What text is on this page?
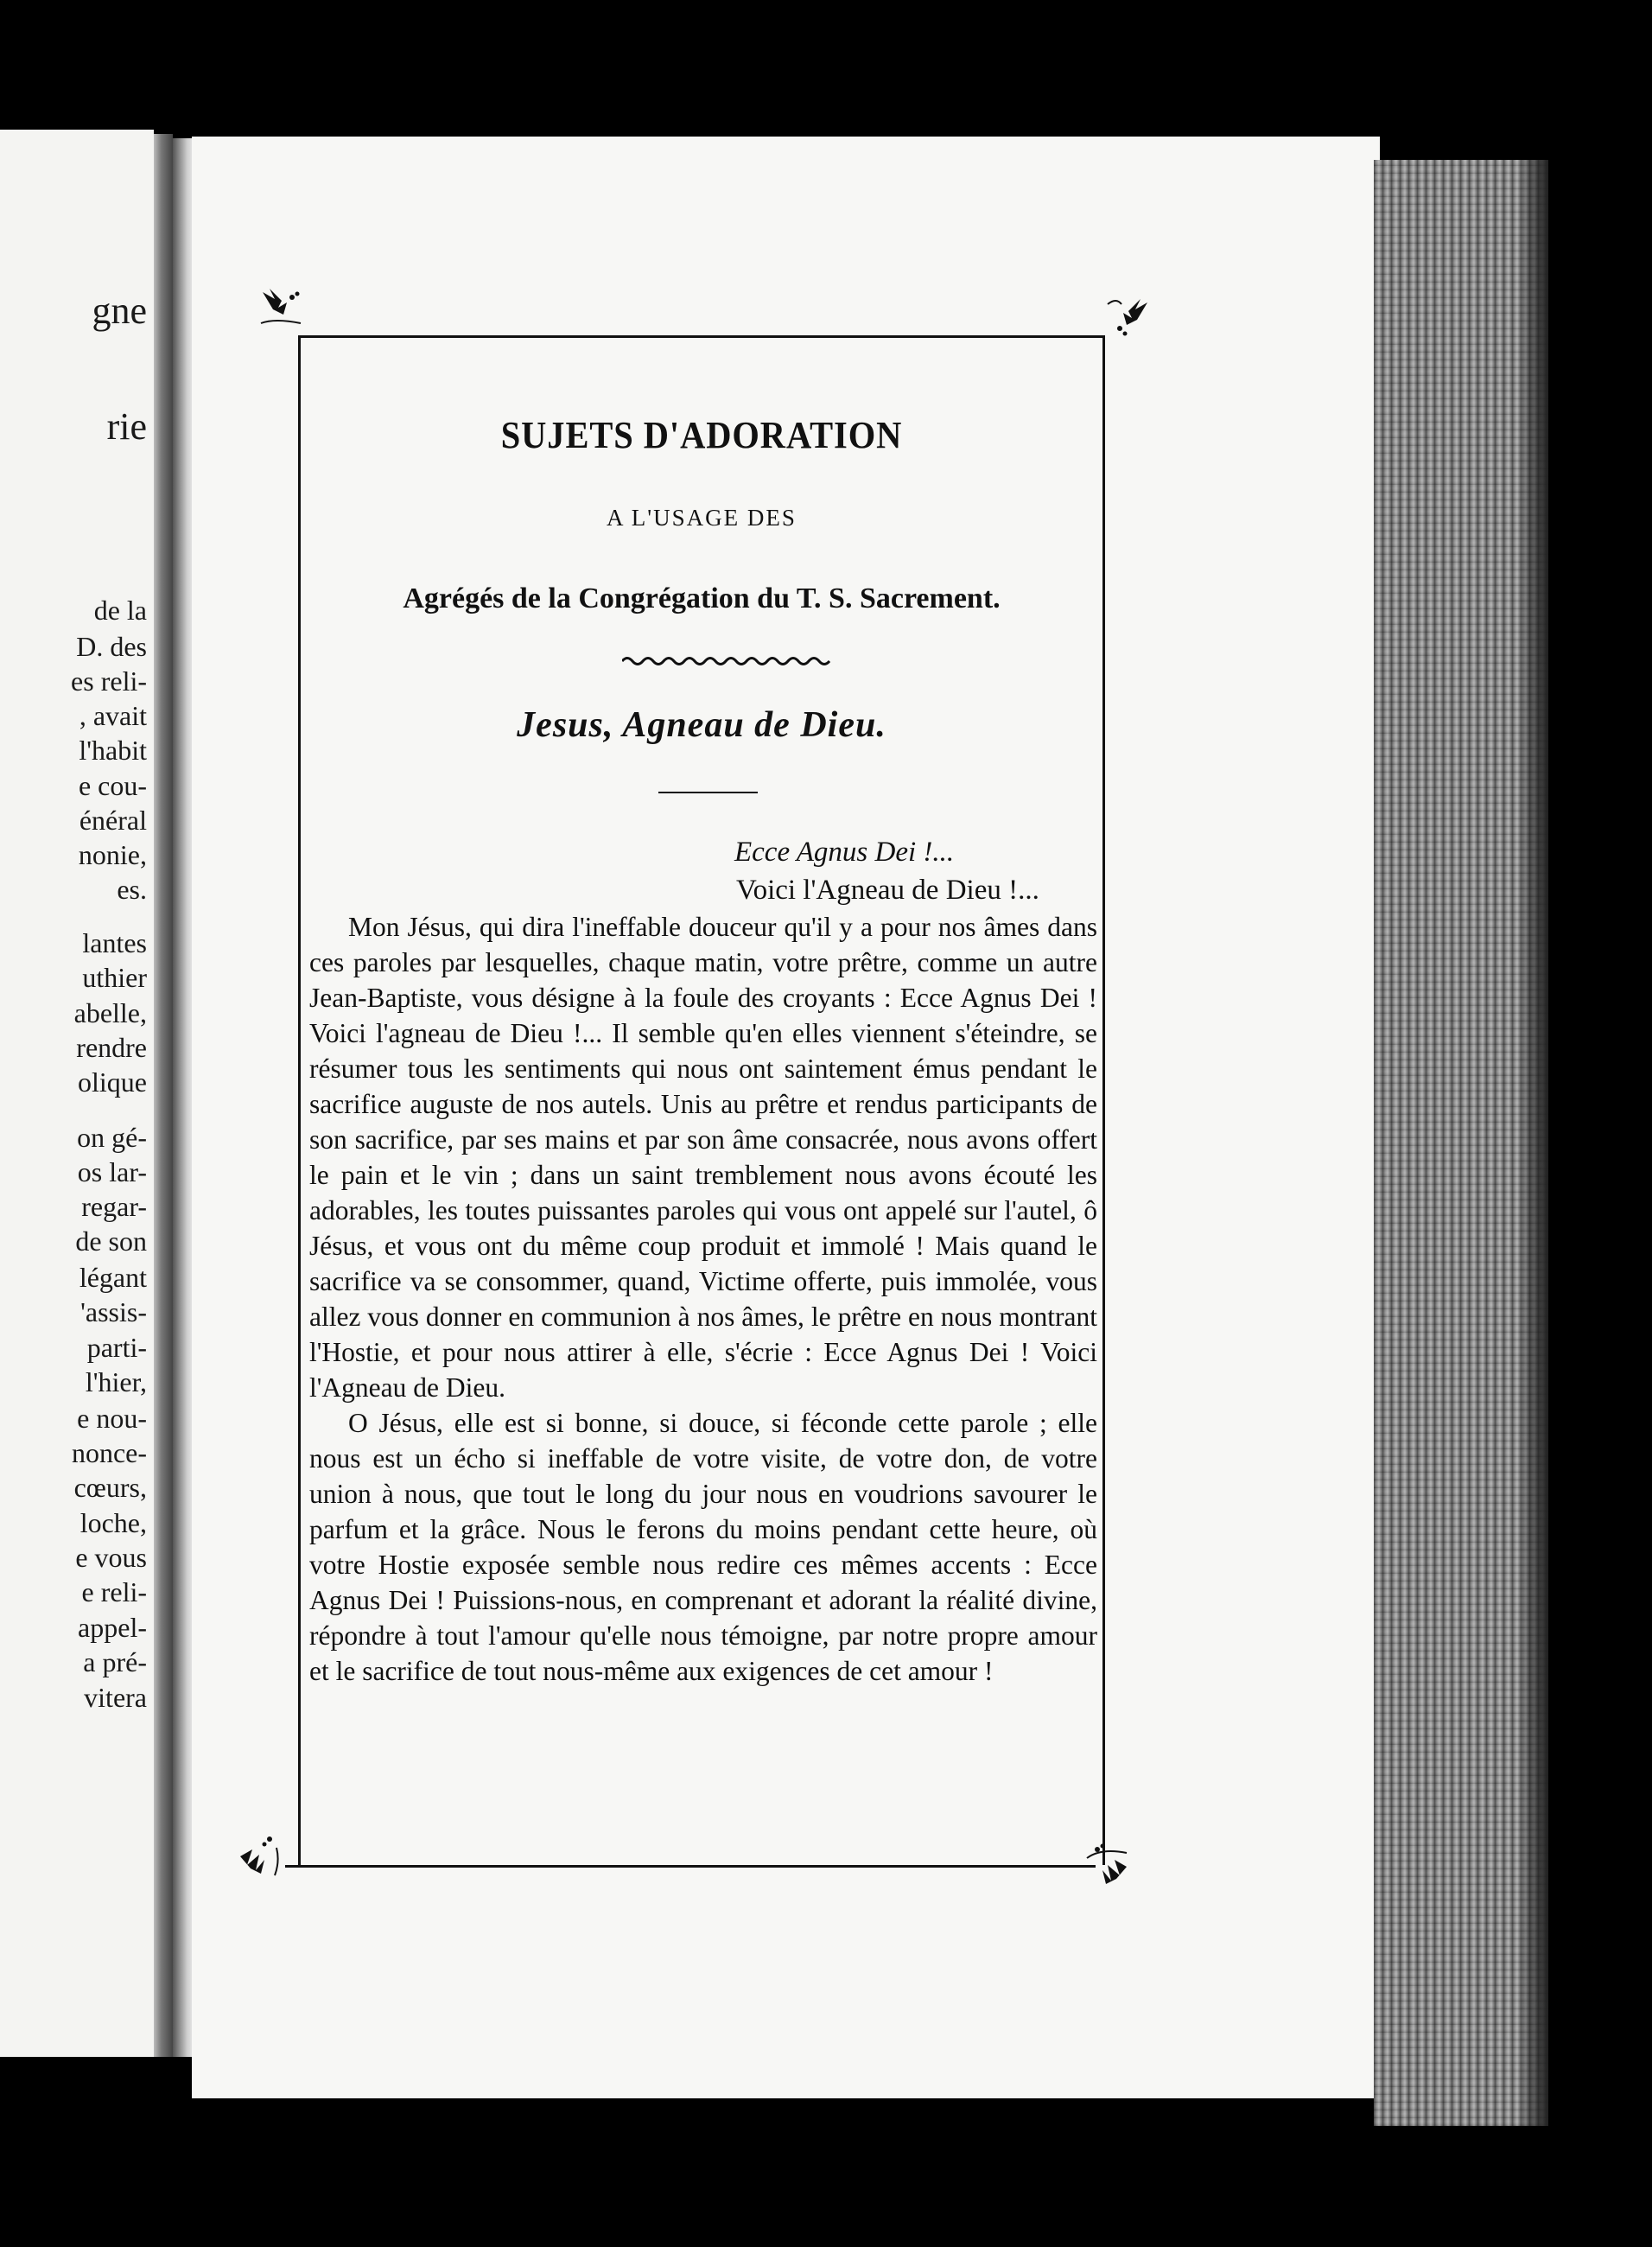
gne
rie
de la
D. des
es reli-
, avait
l'habit
e cou-
énéral
nonie,
es.
lantes
uthier
abelle,
rendre
olique
on gé-
os lar-
regar-
de son
légant
'assis-
parti-
l'hier,
e nou-
nonce-
cœurs,
loche,
e vous
e reli-
appel-
a pré-
vitera
SUJETS D'ADORATION
A L'USAGE DES
Agrégés de la Congrégation du T. S. Sacrement.
Jesus, Agneau de Dieu.
Ecce Agnus Dei !...
Voici l'Agneau de Dieu !...

Mon Jésus, qui dira l'ineffable douceur qu'il y a pour nos âmes dans ces paroles par lesquelles, chaque matin, votre prêtre, comme un autre Jean-Baptiste, vous désigne à la foule des croyants : Ecce Agnus Dei ! Voici l'agneau de Dieu !... Il semble qu'en elles viennent s'éteindre, se résumer tous les sentiments qui nous ont saintement émus pendant le sacrifice auguste de nos autels. Unis au prêtre et rendus participants de son sacrifice, par ses mains et par son âme consacrée, nous avons offert le pain et le vin ; dans un saint tremblement nous avons écouté les adorables, les toutes puissantes paroles qui vous ont appelé sur l'autel, ô Jésus, et vous ont du même coup produit et immolé ! Mais quand le sacrifice va se consommer, quand, Victime offerte, puis immolée, vous allez vous donner en communion à nos âmes, le prêtre en nous montrant l'Hostie, et pour nous attirer à elle, s'écrie : Ecce Agnus Dei ! Voici l'Agneau de Dieu.

O Jésus, elle est si bonne, si douce, si féconde cette parole ; elle nous est un écho si ineffable de votre visite, de votre don, de votre union à nous, que tout le long du jour nous en voudrions savourer le parfum et la grâce. Nous le ferons du moins pendant cette heure, où votre Hostie exposée semble nous redire ces mêmes accents : Ecce Agnus Dei ! Puissions-nous, en comprenant et adorant la réalité divine, répondre à tout l'amour qu'elle nous témoigne, par notre propre amour et le sacrifice de tout nous-même aux exigences de cet amour !
